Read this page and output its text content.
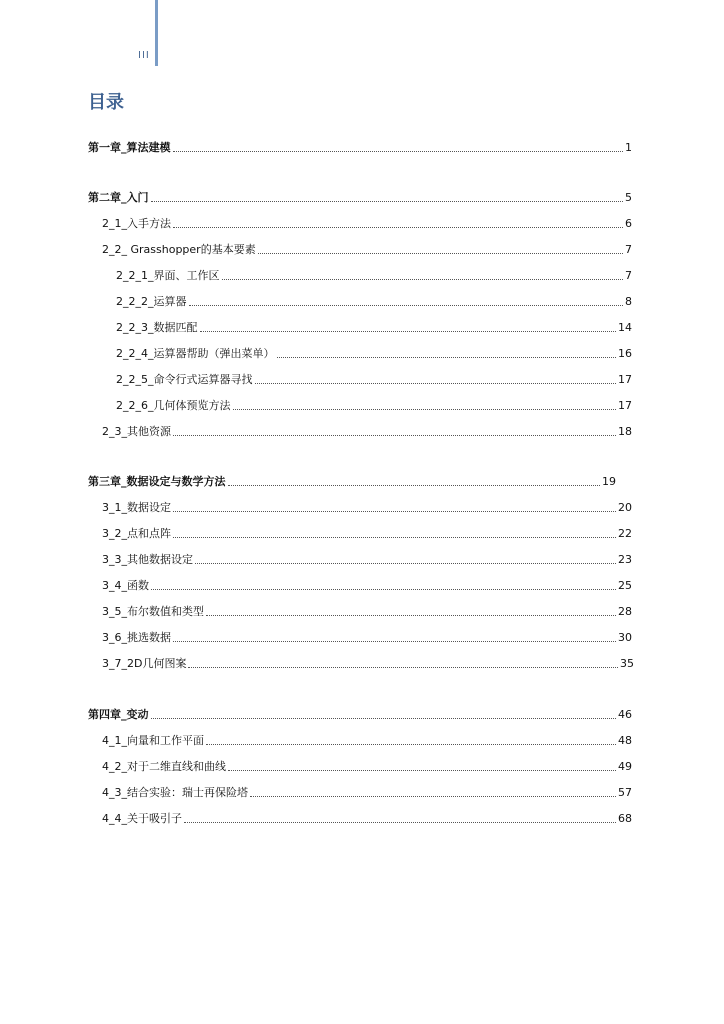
III
目录
第一章_算法建模	1
第二章_入门	5
2_1_入手方法	6
2_2_ Grasshopper的基本要素	7
2_2_1_界面、工作区	7
2_2_2_运算器	8
2_2_3_数据匹配	14
2_2_4_运算器帮助（弹出菜单）	16
2_2_5_命令行式运算器寻找	17
2_2_6_几何体预览方法	17
2_3_其他资源	18
第三章_数据设定与数学方法	19
3_1_数据设定	20
3_2_点和点阵	22
3_3_其他数据设定	23
3_4_函数	25
3_5_布尔数值和类型	28
3_6_挑选数据	30
3_7_2D几何图案	35
第四章_变动	46
4_1_向量和工作平面	48
4_2_对于二维直线和曲线	49
4_3_结合实验：瑞士再保险塔	57
4_4_关于吸引子	68
